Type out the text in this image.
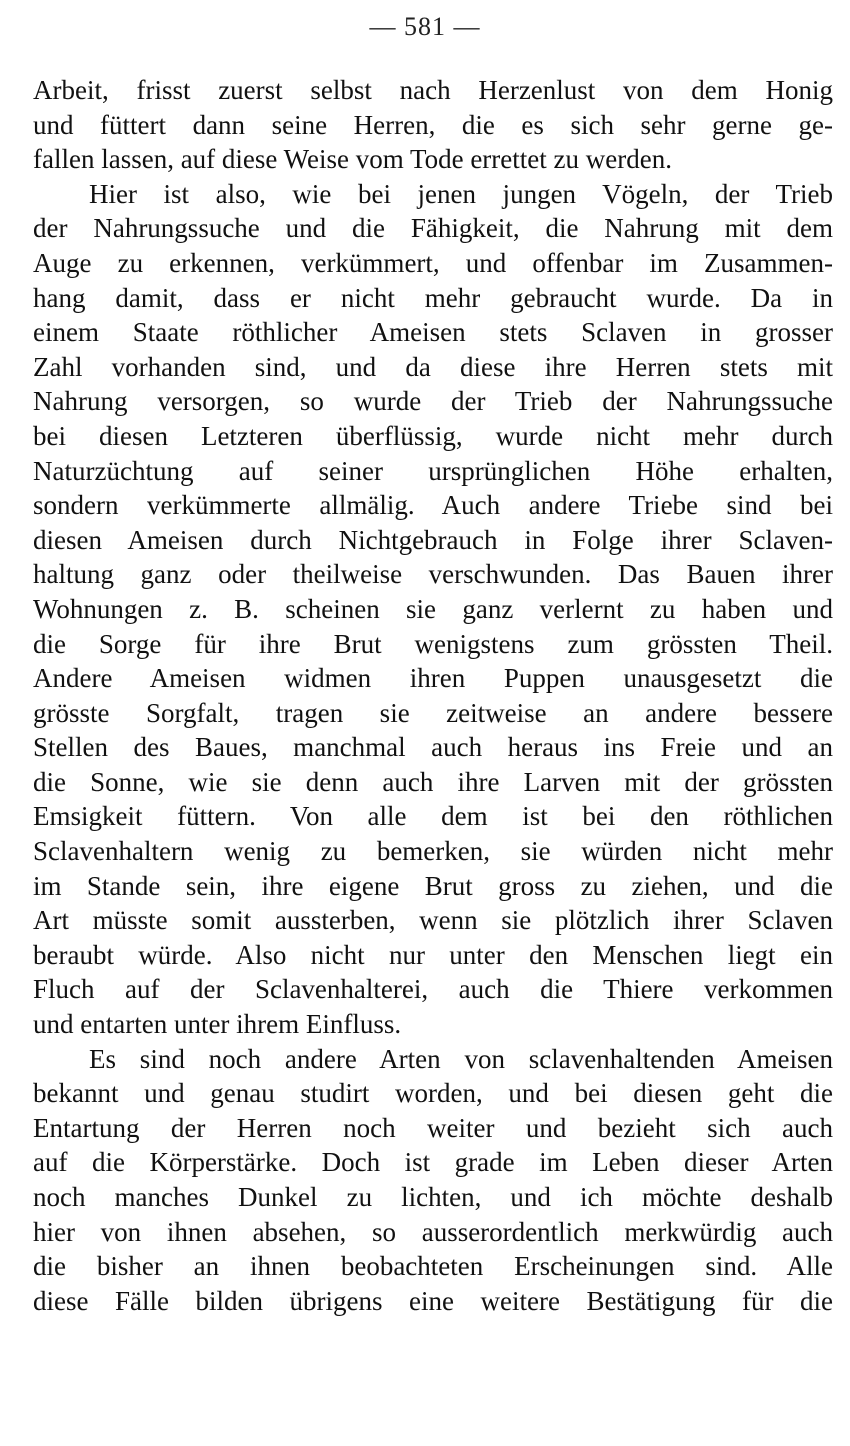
— 581 —
Arbeit, frisst zuerst selbst nach Herzenlust von dem Honig
und füttert dann seine Herren, die es sich sehr gerne ge-
fallen lassen, auf diese Weise vom Tode errettet zu werden.
Hier ist also, wie bei jenen jungen Vögeln, der Trieb
der Nahrungssuche und die Fähigkeit, die Nahrung mit dem
Auge zu erkennen, verkümmert, und offenbar im Zusammen-
hang damit, dass er nicht mehr gebraucht wurde. Da in
einem Staate röthlicher Ameisen stets Sclaven in grosser
Zahl vorhanden sind, und da diese ihre Herren stets mit
Nahrung versorgen, so wurde der Trieb der Nahrungssuche
bei diesen Letzteren überflüssig, wurde nicht mehr durch
Naturzüchtung auf seiner ursprünglichen Höhe erhalten,
sondern verkümmerte allmälig. Auch andere Triebe sind bei
diesen Ameisen durch Nichtgebrauch in Folge ihrer Sclaven-
haltung ganz oder theilweise verschwunden. Das Bauen ihrer
Wohnungen z. B. scheinen sie ganz verlernt zu haben und
die Sorge für ihre Brut wenigstens zum grössten Theil.
Andere Ameisen widmen ihren Puppen unausgesetzt die
grösste Sorgfalt, tragen sie zeitweise an andere bessere
Stellen des Baues, manchmal auch heraus ins Freie und an
die Sonne, wie sie denn auch ihre Larven mit der grössten
Emsigkeit füttern. Von alle dem ist bei den röthlichen
Sclavenhaltern wenig zu bemerken, sie würden nicht mehr
im Stande sein, ihre eigene Brut gross zu ziehen, und die
Art müsste somit aussterben, wenn sie plötzlich ihrer Sclaven
beraubt würde. Also nicht nur unter den Menschen liegt ein
Fluch auf der Sclavenhalterei, auch die Thiere verkommen
und entarten unter ihrem Einfluss.
Es sind noch andere Arten von sclavenhaltenden Ameisen
bekannt und genau studirt worden, und bei diesen geht die
Entartung der Herren noch weiter und bezieht sich auch
auf die Körperstärke. Doch ist grade im Leben dieser Arten
noch manches Dunkel zu lichten, und ich möchte deshalb
hier von ihnen absehen, so ausserordentlich merkwürdig auch
die bisher an ihnen beobachteten Erscheinungen sind. Alle
diese Fälle bilden übrigens eine weitere Bestätigung für die
